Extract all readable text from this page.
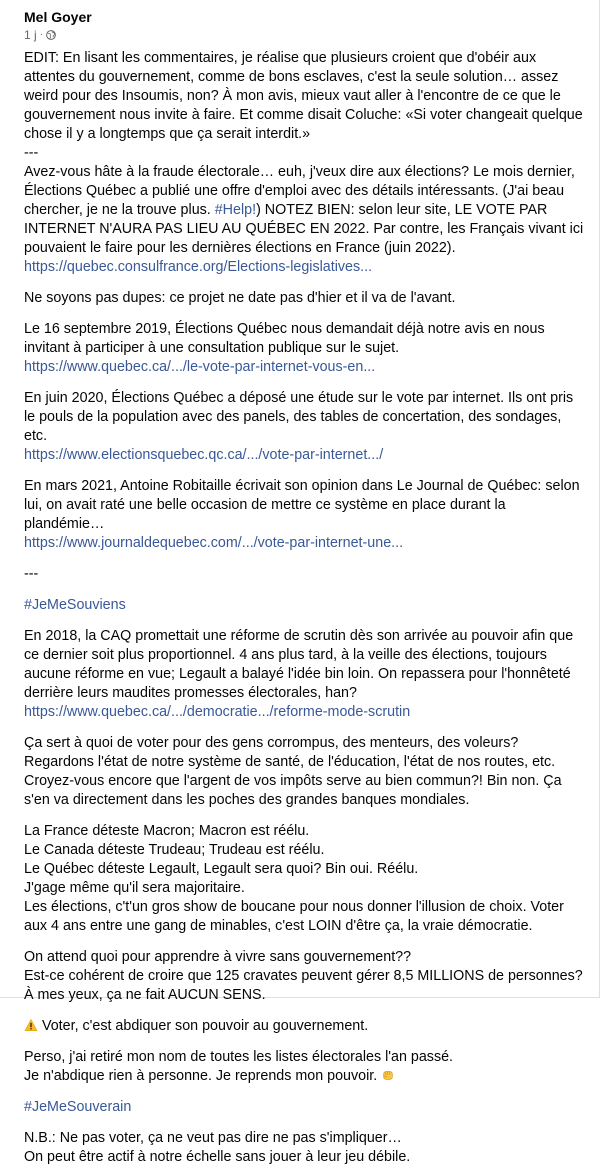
Mel Goyer
1 j ·

EDIT: En lisant les commentaires, je réalise que plusieurs croient que d'obéir aux attentes du gouvernement, comme de bons esclaves, c'est la seule solution… assez weird pour des Insoumis, non? À mon avis, mieux vaut aller à l'encontre de ce que le gouvernement nous invite à faire. Et comme disait Coluche: «Si voter changeait quelque chose il y a longtemps que ça serait interdit.»
---
Avez-vous hâte à la fraude électorale… euh, j'veux dire aux élections? Le mois dernier, Élections Québec a publié une offre d'emploi avec des détails intéressants. (J'ai beau chercher, je ne la trouve plus. #Help!) NOTEZ BIEN: selon leur site, LE VOTE PAR INTERNET N'AURA PAS LIEU AU QUÉBEC EN 2022. Par contre, les Français vivant ici pouvaient le faire pour les dernières élections en France (juin 2022).
https://quebec.consulfrance.org/Elections-legislatives...

Ne soyons pas dupes: ce projet ne date pas d'hier et il va de l'avant.

Le 16 septembre 2019, Élections Québec nous demandait déjà notre avis en nous invitant à participer à une consultation publique sur le sujet.
https://www.quebec.ca/.../le-vote-par-internet-vous-en...

En juin 2020, Élections Québec a déposé une étude sur le vote par internet. Ils ont pris le pouls de la population avec des panels, des tables de concertation, des sondages, etc.
https://www.electionsquebec.qc.ca/.../vote-par-internet.../

En mars 2021, Antoine Robitaille écrivait son opinion dans Le Journal de Québec: selon lui, on avait raté une belle occasion de mettre ce système en place durant la plandémie…
https://www.journaldequebec.com/.../vote-par-internet-une...

---

#JeMeSouviens

En 2018, la CAQ promettait une réforme de scrutin dès son arrivée au pouvoir afin que ce dernier soit plus proportionnel. 4 ans plus tard, à la veille des élections, toujours aucune réforme en vue; Legault a balayé l'idée bin loin. On repassera pour l'honnêteté derrière leurs maudites promesses électorales, han?
https://www.quebec.ca/.../democratie.../reforme-mode-scrutin

Ça sert à quoi de voter pour des gens corrompus, des menteurs, des voleurs?
Regardons l'état de notre système de santé, de l'éducation, l'état de nos routes, etc. Croyez-vous encore que l'argent de vos impôts serve au bien commun?! Bin non. Ça s'en va directement dans les poches des grandes banques mondiales.

La France déteste Macron; Macron est réélu.
Le Canada déteste Trudeau; Trudeau est réélu.
Le Québec déteste Legault, Legault sera quoi? Bin oui. Réélu.
J'gage même qu'il sera majoritaire.
Les élections, c't'un gros show de boucane pour nous donner l'illusion de choix. Voter aux 4 ans entre une gang de minables, c'est LOIN d'être ça, la vraie démocratie.

On attend quoi pour apprendre à vivre sans gouvernement??
Est-ce cohérent de croire que 125 cravates peuvent gérer 8,5 MILLIONS de personnes?
À mes yeux, ça ne fait AUCUN SENS.

Voter, c'est abdiquer son pouvoir au gouvernement.

Perso, j'ai retiré mon nom de toutes les listes électorales l'an passé.
Je n'abdique rien à personne. Je reprends mon pouvoir.

#JeMeSouverain

N.B.: Ne pas voter, ça ne veut pas dire ne pas s'impliquer…
On peut être actif à notre échelle sans jouer à leur jeu débile.
